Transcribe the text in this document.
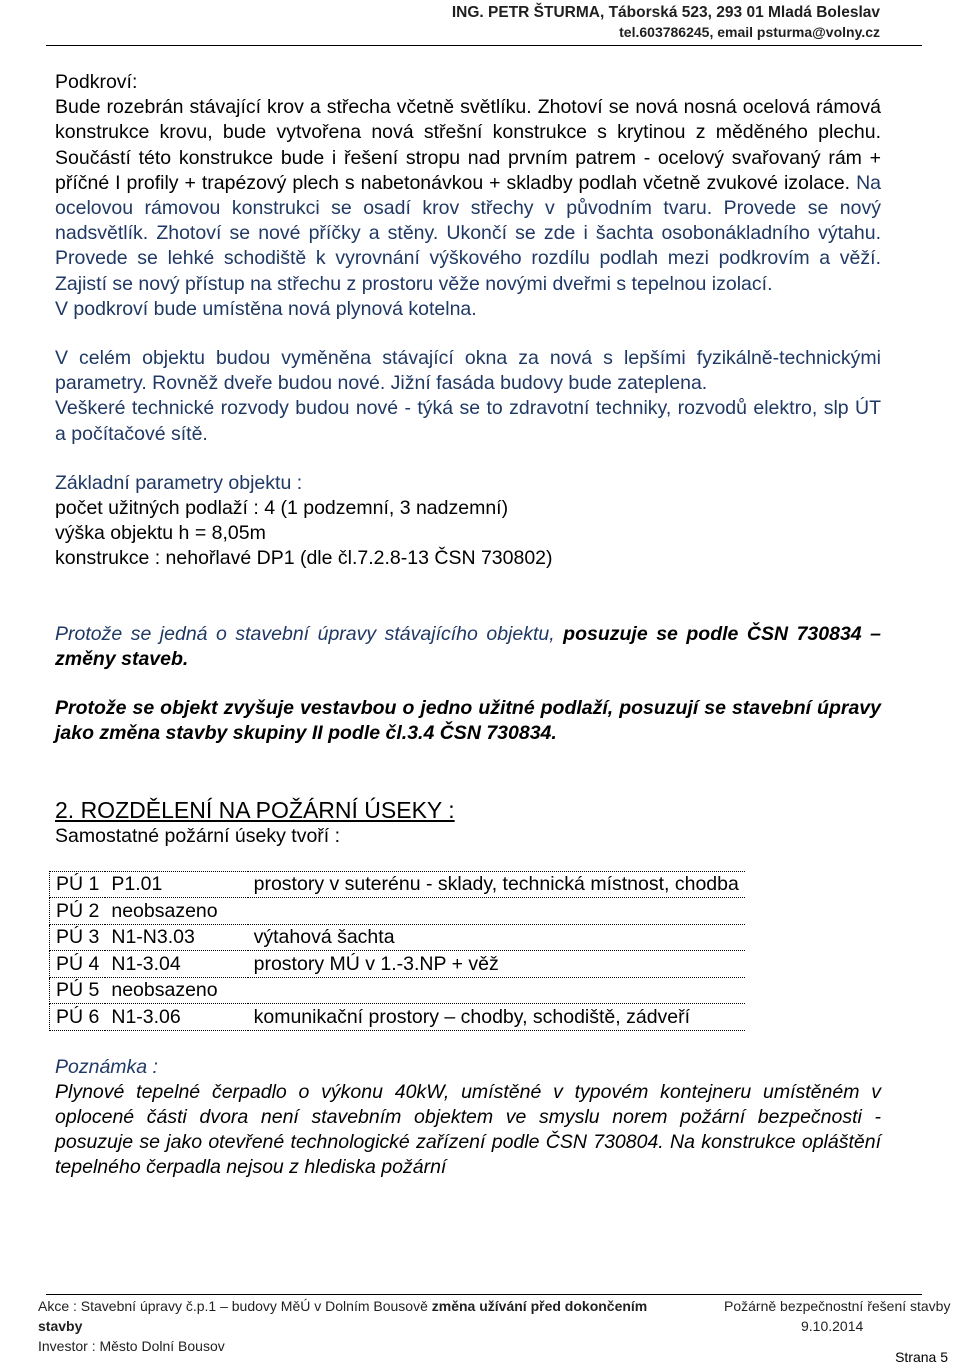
ING. PETR ŠTURMA, Táborská 523, 293 01 Mladá Boleslav
tel.603786245, email psturma@volny.cz

Podkroví:

Bude rozebrán stávající krov a střecha včetně světlíku. Zhotoví se nová nosná ocelová rámová konstrukce krovu, bude vytvořena nová střešní konstrukce s krytinou z měděného plechu. Součástí této konstrukce bude i řešení stropu nad prvním patrem - ocelový svařovaný rám + příčné I profily + trapézový plech s nabetonávkou + skladby podlah včetně zvukové izolace. Na ocelovou rámovou konstrukci se osadí krov střechy v původním tvaru. Provede se nový nadsvětlík. Zhotoví se nové příčky a stěny. Ukončí se zde i šachta osobonákladního výtahu. Provede se lehké schodiště k vyrovnání výškového rozdílu podlah mezi podkrovím a věží. Zajistí se nový přístup na střechu z prostoru věže novými dveřmi s tepelnou izolací.

V podkroví bude umístěna nová plynová kotelna.

V celém objektu budou vyměněna stávající okna za nová s lepšími fyzikálně-technickými parametry. Rovněž dveře budou nové. Jižní fasáda budovy bude zateplena.

Veškeré technické rozvody budou nové - týká se to zdravotní techniky, rozvodů elektro, slp ÚT a počítačové sítě.

Základní parametry objektu :

počet užitných podlaží : 4 (1 podzemní, 3 nadzemní)

výška objektu h = 8,05m

konstrukce : nehořlavé DP1 (dle čl.7.2.8-13 ČSN 730802)

Protože se jedná o stavební úpravy stávajícího objektu, posuzuje se podle ČSN 730834 – změny staveb.

Protože se objekt zvyšuje vestavbou o jedno užitné podlaží, posuzují se stavební úpravy jako změna stavby skupiny II podle čl.3.4 ČSN 730834.

2. ROZDĚLENÍ NA POŽÁRNÍ ÚSEKY :

Samostatné požární úseky tvoří :

PÚ 1	P1.01	prostory v suterénu - sklady, technická místnost, chodba
PÚ 2	neobsazeno	
PÚ 3	N1-N3.03	výtahová šachta
PÚ 4	N1-3.04	prostory MÚ v 1.-3.NP + věž
PÚ 5	neobsazeno	
PÚ 6	N1-3.06	komunikační prostory – chodby, schodiště, zádveří

Poznámka :

Plynové tepelné čerpadlo o výkonu 40kW, umístěné v typovém kontejneru umístěném v oplocené části dvora není stavebním objektem ve smyslu norem požární bezpečnosti - posuzuje se jako otevřené technologické zařízení podle ČSN 730804. Na konstrukce opláštění tepelného čerpadla nejsou z hlediska požární

Akce : Stavební úpravy č.p.1 – budovy MěÚ v Dolním Bousově změna užívání před dokončením
stavby
Investor : Město Dolní Bousov
Požárně bezpečnostní řešení stavby
9.10.2014
Strana 5
